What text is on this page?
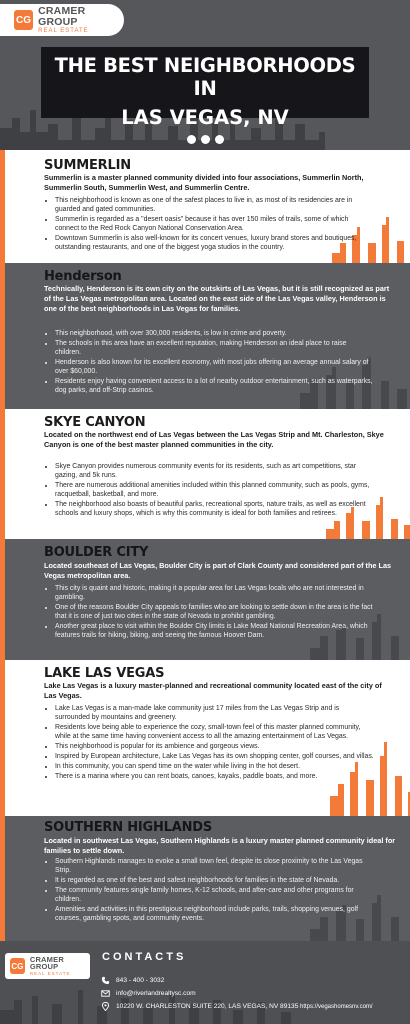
CG
CRAMER GROUP
REAL ESTATE
THE BEST NEIGHBORHOODS IN
LAS VEGAS, NV
SUMMERLIN
Summerlin is a master planned community divided into four associations, Summerlin North, Summerlin South, Summerlin West, and Summerlin Centre.
• This neighborhood is known as one of the safest places to live in, as most of its residencies are in guarded and gated communities.
• Summerlin is regarded as a "desert oasis" because it has over 150 miles of trails, some of which connect to the Red Rock Canyon National Conservation Area.
• Downtown Summerlin is also well-known for its concert venues, luxury brand stores and boutiques, outstanding restaurants, and one of the biggest yoga studios in the country.
Henderson
Technically, Henderson is its own city on the outskirts of Las Vegas, but it is still recognized as part of the Las Vegas metropolitan area. Located on the east side of the Las Vegas valley, Henderson is one of the best neighborhoods in Las Vegas for families.
• This neighborhood, with over 300,000 residents, is low in crime and poverty.
• The schools in this area have an excellent reputation, making Henderson an ideal place to raise children.
• Henderson is also known for its excellent economy, with most jobs offering an average annual salary of over $60,000.
• Residents enjoy having convenient access to a lot of nearby outdoor entertainment, such as waterparks, dog parks, and off-Strip casinos.
SKYE CANYON
Located on the northwest end of Las Vegas between the Las Vegas Strip and Mt. Charleston, Skye Canyon is one of the best master planned communities in the city.
• Skye Canyon provides numerous community events for its residents, such as art competitions, star gazing, and 5k runs.
• There are numerous additional amenities included within this planned community, such as pools, gyms, racquetball, basketball, and more.
• The neighborhood also boasts of beautiful parks, recreational sports, nature trails, as well as excellent schools and luxury shops, which is why this community is ideal for both families and retirees.
BOULDER CITY
Located southeast of Las Vegas, Boulder City is part of Clark County and considered part of the Las Vegas metropolitan area.
• This city is quaint and historic, making it a popular area for Las Vegas locals who are not interested in gambling.
• One of the reasons Boulder City appeals to families who are looking to settle down in the area is the fact that it is one of just two cities in the state of Nevada to prohibit gambling.
• Another great place to visit within the Boulder City limits is Lake Mead National Recreation Area, which features trails for hiking, biking, and seeing the famous Hoover Dam.
LAKE LAS VEGAS
Lake Las Vegas is a luxury master-planned and recreational community located east of the city of Las Vegas.
• Lake Las Vegas is a man-made lake community just 17 miles from the Las Vegas Strip and is surrounded by mountains and greenery.
• Residents love being able to experience the cozy, small-town feel of this master planned community, while at the same time having convenient access to all the amazing entertainment of Las Vegas.
• This neighborhood is popular for its ambience and gorgeous views.
• Inspired by European architecture, Lake Las Vegas has its own shopping center, golf courses, and villas.
• In this community, you can spend time on the water while living in the hot desert.
• There is a marina where you can rent boats, canoes, kayaks, paddle boats, and more.
SOUTHERN HIGHLANDS
Located in southwest Las Vegas, Southern Highlands is a luxury master planned community ideal for families to settle down.
• Southern Highlands manages to evoke a small town feel, despite its close proximity to the Las Vegas Strip.
• It is regarded as one of the best and safest neighborhoods for families in the state of Nevada.
• The community features single family homes, K-12 schools, and after-care and other programs for children.
• Amenities and activities in this prestigious neighborhood include parks, trails, shopping venues, golf courses, gambling spots, and community events.
CG
CRAMER GROUP
REAL ESTATE
CONTACTS
843 - 400 - 3032
info@riverlandrealtysc.com
10220 W. CHARLESTON SUITE 220, LAS VEGAS, NV 89135 https://vegashomesnv.com/
